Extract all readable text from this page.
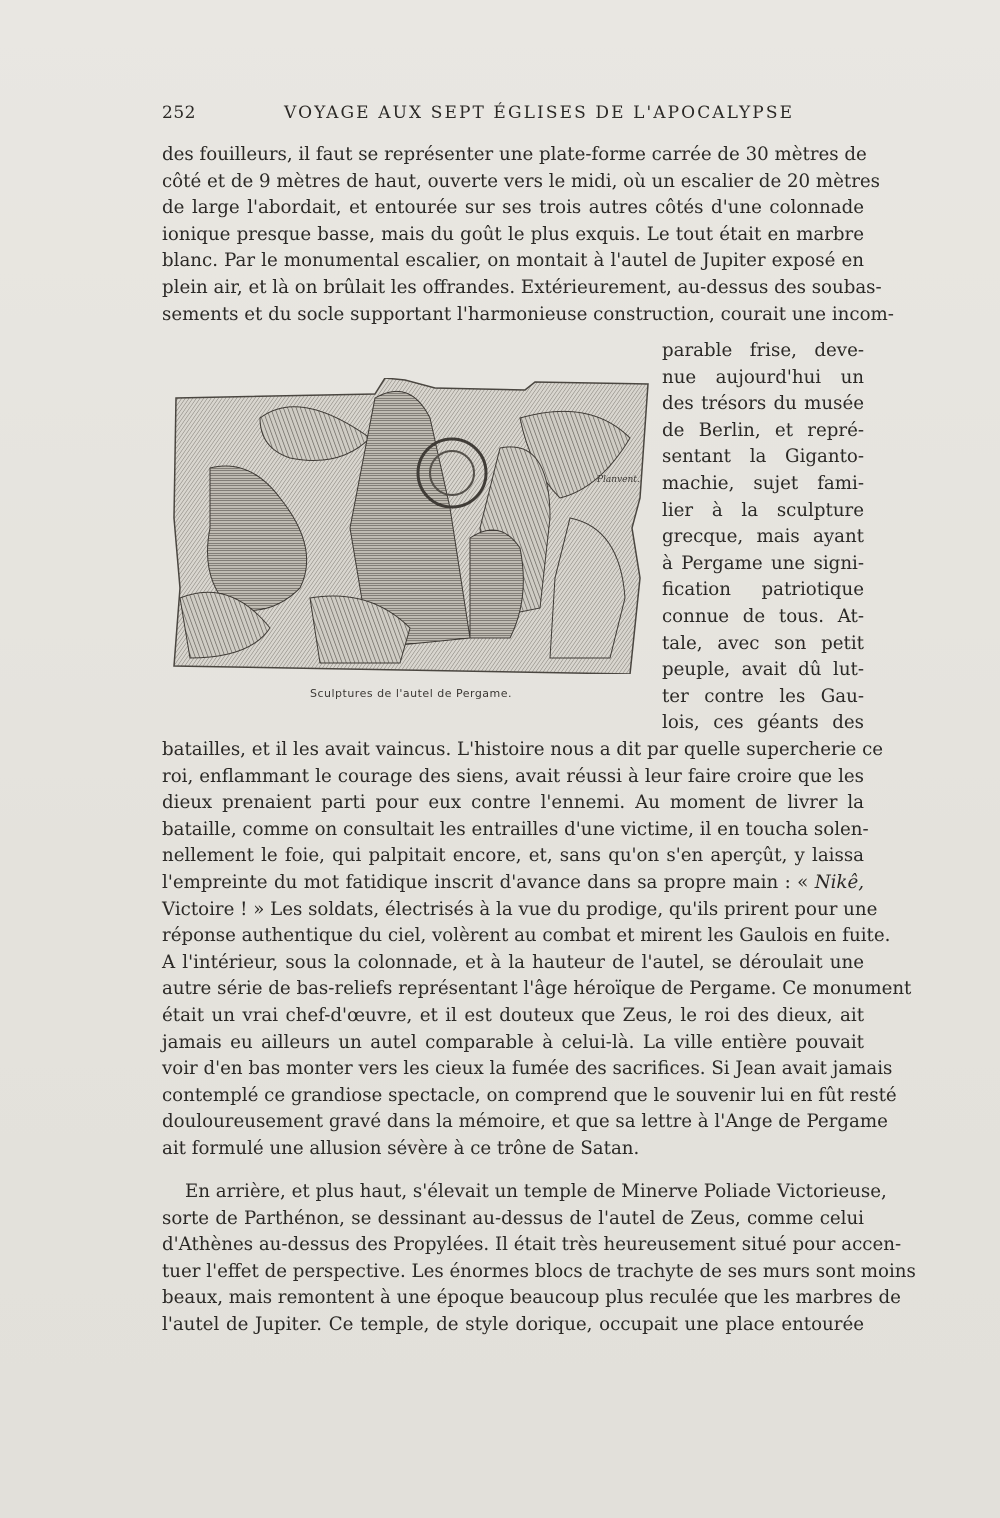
252	VOYAGE AUX SEPT ÉGLISES DE L'APOCALYPSE
des fouilleurs, il faut se représenter une plate-forme carrée de 30 mètres de
côté et de 9 mètres de haut, ouverte vers le midi, où un escalier de 20 mètres
de large l'abordait, et entourée sur ses trois autres côtés d'une colonnade
ionique presque basse, mais du goût le plus exquis. Le tout était en marbre
blanc. Par le monumental escalier, on montait à l'autel de Jupiter exposé en
plein air, et là on brûlait les offrandes. Extérieurement, au-dessus des soubas-
sements et du socle supportant l'harmonieuse construction, courait une incom-
parable frise, deve-
nue aujourd'hui un
des trésors du musée
de Berlin, et repré-
sentant la Giganto-
machie, sujet fami-
lier à la sculpture
grecque, mais ayant
à Pergame une signi-
fication patriotique
connue de tous. At-
tale, avec son petit
peuple, avait dû lut-
ter contre les Gau-
lois, ces géants des
Planvent.
Sculptures de l'autel de Pergame.
batailles, et il les avait vaincus. L'histoire nous a dit par quelle supercherie ce
roi, enflammant le courage des siens, avait réussi à leur faire croire que les
dieux prenaient parti pour eux contre l'ennemi. Au moment de livrer la
bataille, comme on consultait les entrailles d'une victime, il en toucha solen-
nellement le foie, qui palpitait encore, et, sans qu'on s'en aperçût, y laissa
l'empreinte du mot fatidique inscrit d'avance dans sa propre main : « Nikê,
Victoire ! » Les soldats, électrisés à la vue du prodige, qu'ils prirent pour une
réponse authentique du ciel, volèrent au combat et mirent les Gaulois en fuite.
A l'intérieur, sous la colonnade, et à la hauteur de l'autel, se déroulait une
autre série de bas-reliefs représentant l'âge héroïque de Pergame. Ce monument
était un vrai chef-d'œuvre, et il est douteux que Zeus, le roi des dieux, ait
jamais eu ailleurs un autel comparable à celui-là. La ville entière pouvait
voir d'en bas monter vers les cieux la fumée des sacrifices. Si Jean avait jamais
contemplé ce grandiose spectacle, on comprend que le souvenir lui en fût resté
douloureusement gravé dans la mémoire, et que sa lettre à l'Ange de Pergame
ait formulé une allusion sévère à ce trône de Satan.
En arrière, et plus haut, s'élevait un temple de Minerve Poliade Victorieuse,
sorte de Parthénon, se dessinant au-dessus de l'autel de Zeus, comme celui
d'Athènes au-dessus des Propylées. Il était très heureusement situé pour accen-
tuer l'effet de perspective. Les énormes blocs de trachyte de ses murs sont moins
beaux, mais remontent à une époque beaucoup plus reculée que les marbres de
l'autel de Jupiter. Ce temple, de style dorique, occupait une place entourée
